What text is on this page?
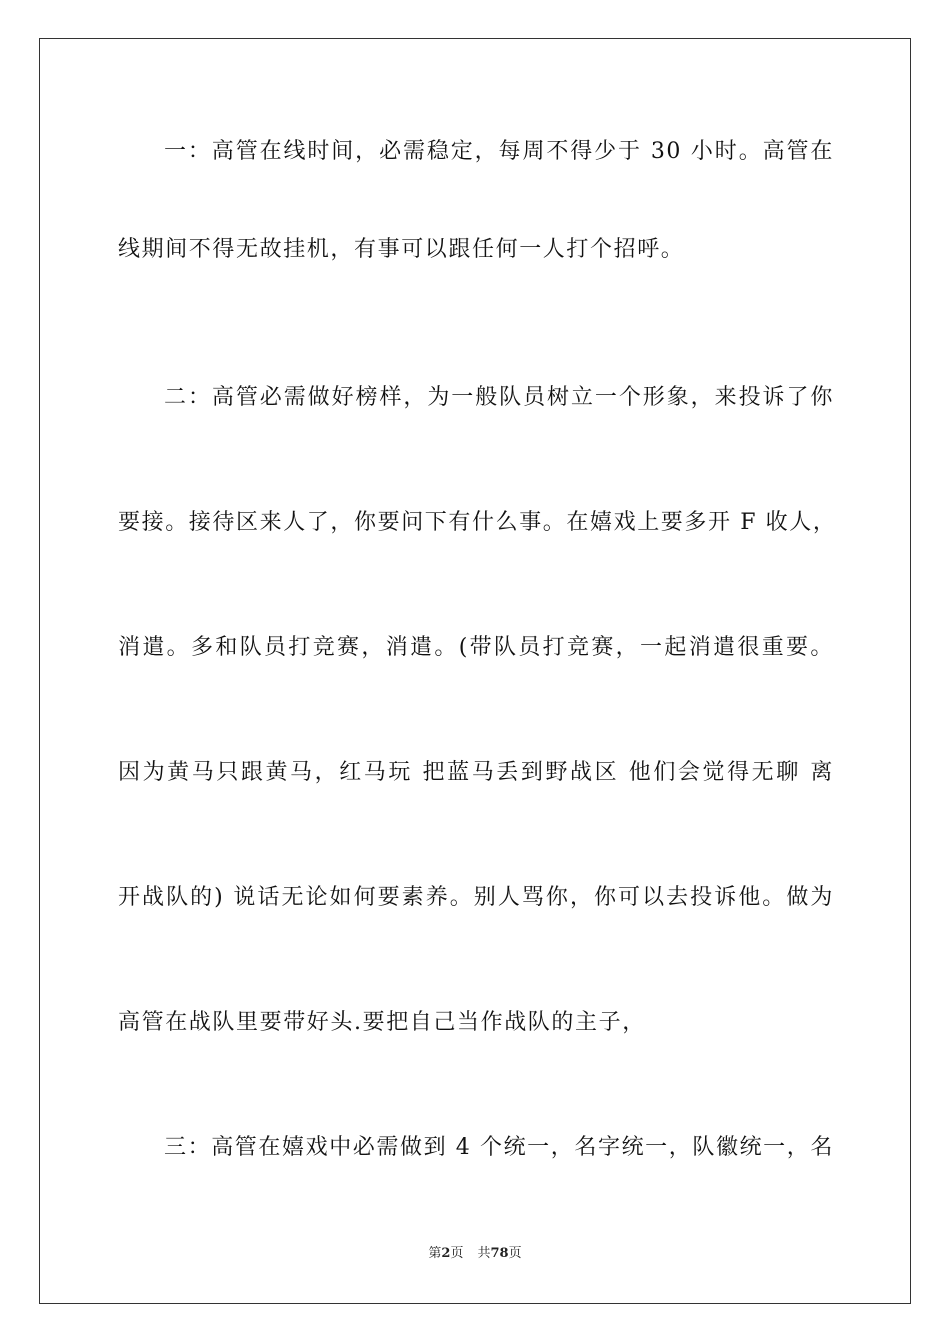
一：高管在线时间，必需稳定，每周不得少于 30 小时。高管在
线期间不得无故挂机，有事可以跟任何一人打个招呼。
二：高管必需做好榜样，为一般队员树立一个形象，来投诉了你
要接。接待区来人了，你要问下有什么事。在嬉戏上要多开 F 收人，
消遣。多和队员打竞赛，消遣。(带队员打竞赛，一起消遣很重要。
因为黄马只跟黄马，红马玩 把蓝马丢到野战区 他们会觉得无聊 离
开战队的) 说话无论如何要素养。别人骂你，你可以去投诉他。做为
高管在战队里要带好头.要把自己当作战队的主子，
三：高管在嬉戏中必需做到 4 个统一，名字统一，队徽统一，名
第2页 共78页
